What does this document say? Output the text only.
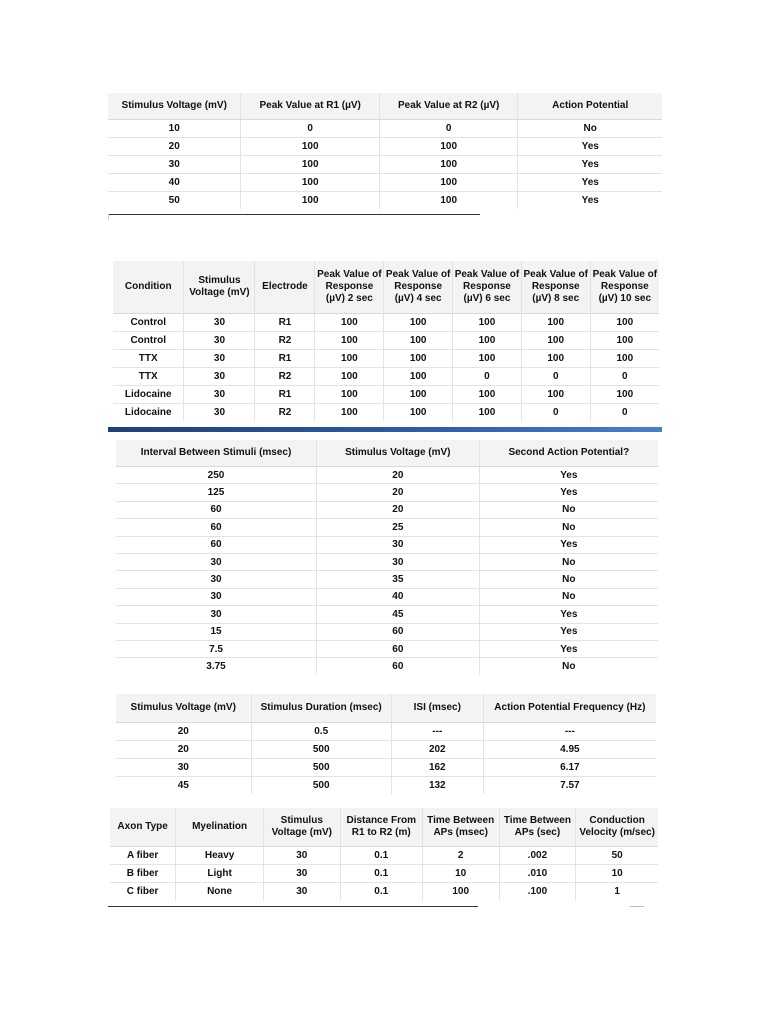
Stimulus Voltage (mV)	Peak Value at R1 (µV)	Peak Value at R2 (µV)	Action Potential
10	0	0	No
20	100	100	Yes
30	100	100	Yes
40	100	100	Yes
50	100	100	Yes
Condition	Stimulus Voltage (mV)	Electrode	Peak Value of Response (µV) 2 sec	Peak Value of Response (µV) 4 sec	Peak Value of Response (µV) 6 sec	Peak Value of Response (µV) 8 sec	Peak Value of Response (µV) 10 sec
Control	30	R1	100	100	100	100	100
Control	30	R2	100	100	100	100	100
TTX	30	R1	100	100	100	100	100
TTX	30	R2	100	100	0	0	0
Lidocaine	30	R1	100	100	100	100	100
Lidocaine	30	R2	100	100	100	0	0
Interval Between Stimuli (msec)	Stimulus Voltage (mV)	Second Action Potential?
250	20	Yes
125	20	Yes
60	20	No
60	25	No
60	30	Yes
30	30	No
30	35	No
30	40	No
30	45	Yes
15	60	Yes
7.5	60	Yes
3.75	60	No
Stimulus Voltage (mV)	Stimulus Duration (msec)	ISI (msec)	Action Potential Frequency (Hz)
20	0.5	---	---
20	500	202	4.95
30	500	162	6.17
45	500	132	7.57
Axon Type	Myelination	Stimulus Voltage (mV)	Distance From R1 to R2 (m)	Time Between APs (msec)	Time Between APs (sec)	Conduction Velocity (m/sec)
A fiber	Heavy	30	0.1	2	.002	50
B fiber	Light	30	0.1	10	.010	10
C fiber	None	30	0.1	100	.100	1
